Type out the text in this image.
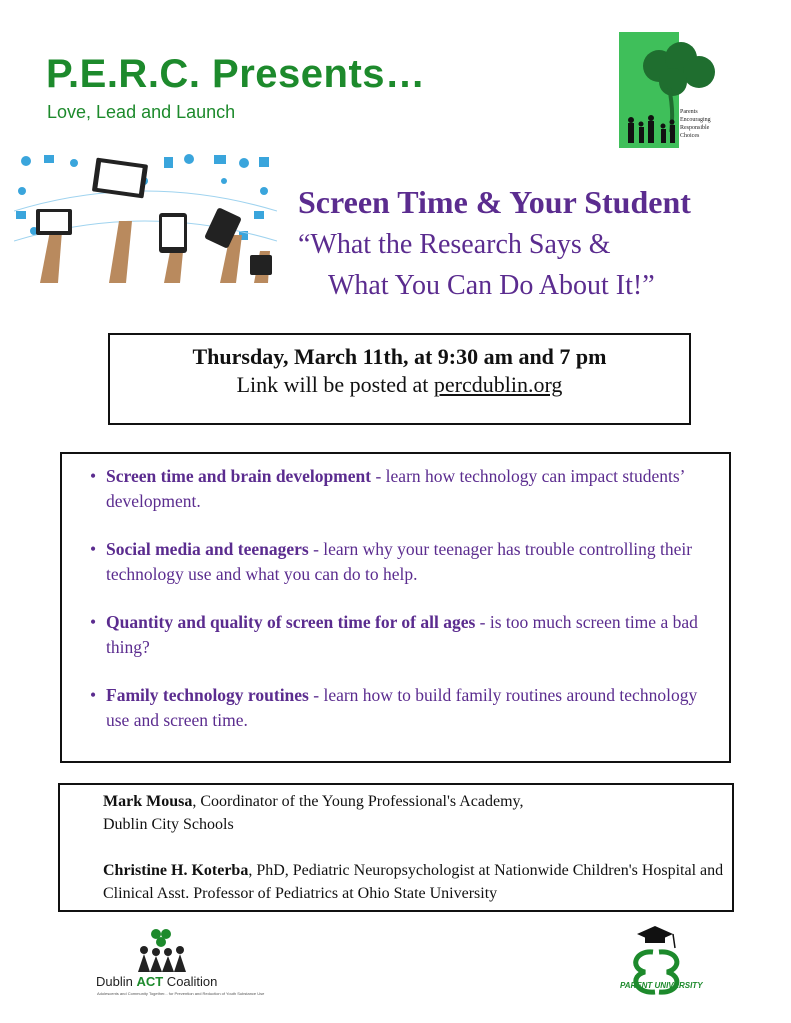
P.E.R.C. Presents…
Love, Lead and Launch	Parents
Encouraging
Responsible
Choices
Screen Time & Your Student
“What the Research Says &
What You Can Do About It!”
Thursday, March 11th, at 9:30 am and 7 pm
Link will be posted at percdublin.org
• Screen time and brain development - learn how technology can impact students’ development.
• Social media and teenagers - learn why your teenager has trouble controlling their technology use and what you can do to help.
• Quantity and quality of screen time for of all ages - is too much screen time a bad thing?
• Family technology routines - learn how to build family routines around technology use and screen time.
Mark Mousa, Coordinator of the Young Professional's Academy,
Dublin City Schools
Christine H. Koterba, PhD, Pediatric Neuropsychologist at Nationwide Children's Hospital and Clinical Asst. Professor of Pediatrics at Ohio State University
Dublin ACT Coalition
Adolescents and Community Together... for Prevention and Reduction of Youth Substance Use
PARENT UNIVERSITY
